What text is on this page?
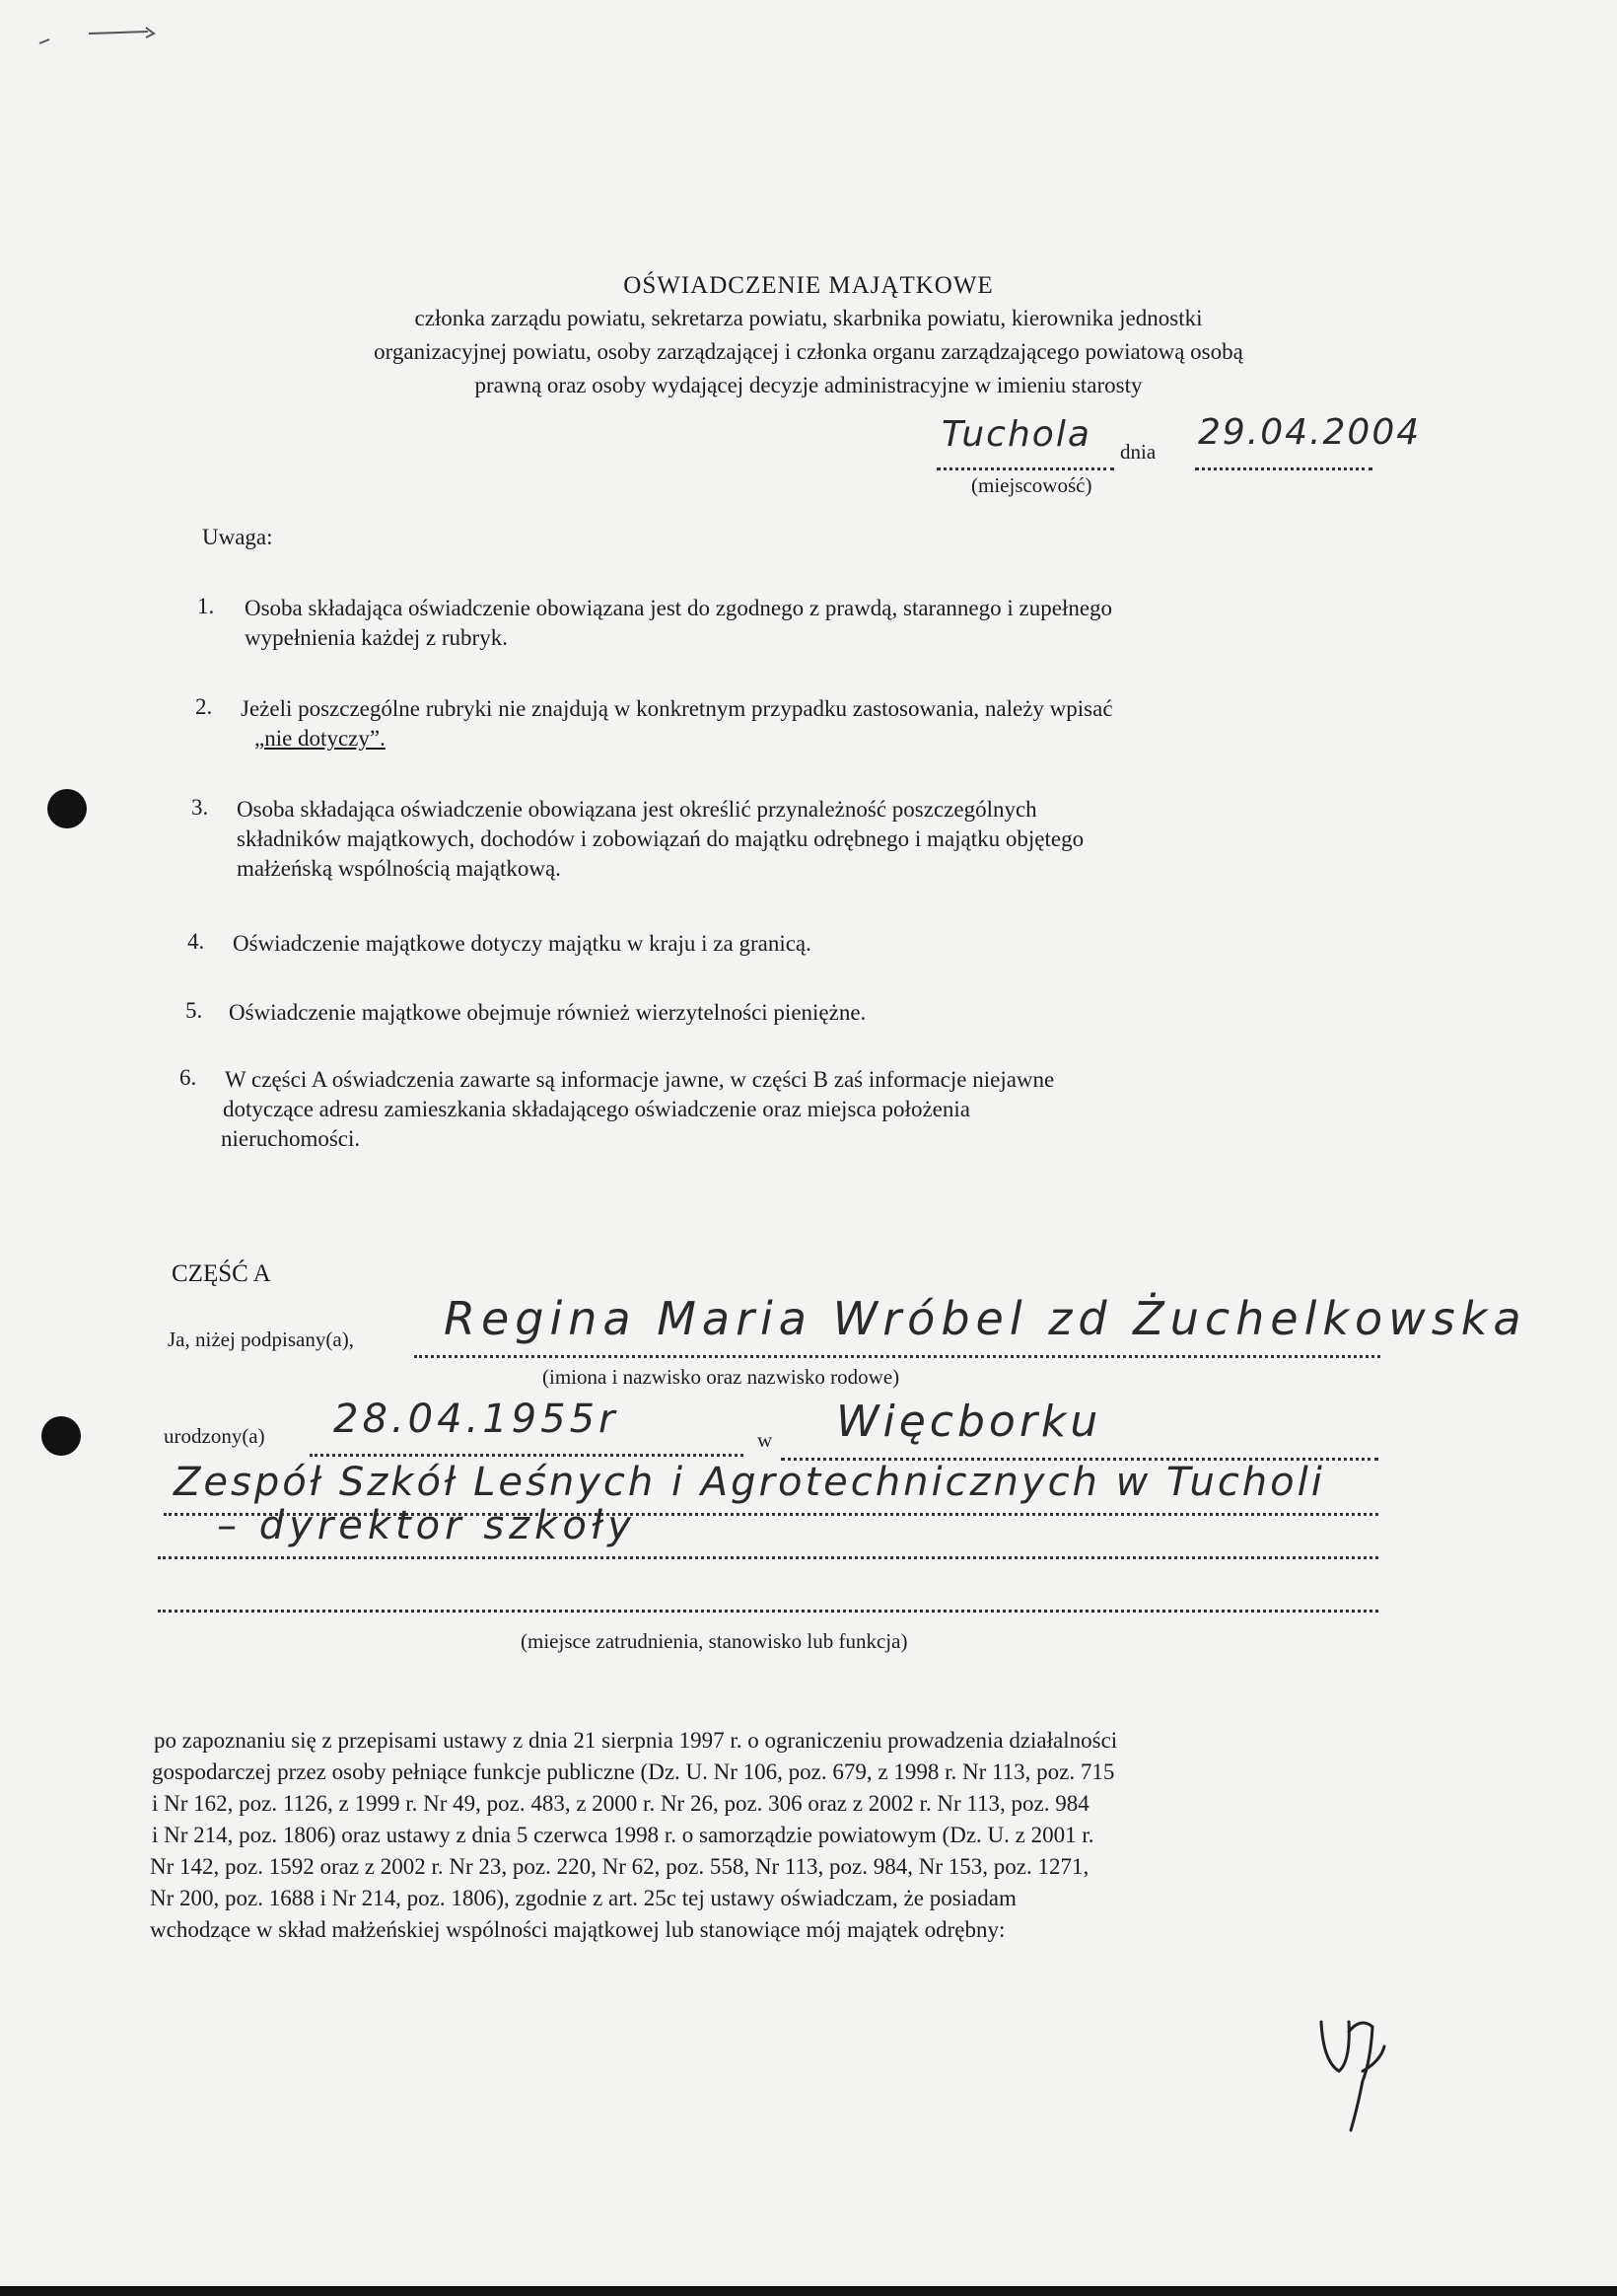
OŚWIADCZENIE MAJĄTKOWE
członka zarządu powiatu, sekretarza powiatu, skarbnika powiatu, kierownika jednostki
organizacyjnej powiatu, osoby zarządzającej i członka organu zarządzającego powiatową osobą
prawną oraz osoby wydającej decyzje administracyjne w imieniu starosty
Tuchola dnia 29.04.2004
(miejscowość)
Uwaga:
1. Osoba składająca oświadczenie obowiązana jest do zgodnego z prawdą, starannego i zupełnego
wypełnienia każdej z rubryk.
2. Jeżeli poszczególne rubryki nie znajdują w konkretnym przypadku zastosowania, należy wpisać
„nie dotyczy”.
3. Osoba składająca oświadczenie obowiązana jest określić przynależność poszczególnych
składników majątkowych, dochodów i zobowiązań do majątku odrębnego i majątku objętego
małżeńską wspólnością majątkową.
4. Oświadczenie majątkowe dotyczy majątku w kraju i za granicą.
5. Oświadczenie majątkowe obejmuje również wierzytelności pieniężne.
6. W części A oświadczenia zawarte są informacje jawne, w części B zaś informacje niejawne
dotyczące adresu zamieszkania składającego oświadczenie oraz miejsca położenia
nieruchomości.
CZĘŚĆ A
Ja, niżej podpisany(a), Regina Maria Wróbel zd Żuchelkowska
(imiona i nazwisko oraz nazwisko rodowe)
urodzony(a) 28.04.1955r	w Więcborku
Zespół Szkół Leśnych i Agrotechnicznych w Tucholi
– dyrektor szkoły
(miejsce zatrudnienia, stanowisko lub funkcja)
po zapoznaniu się z przepisami ustawy z dnia 21 sierpnia 1997 r. o ograniczeniu prowadzenia działalności
gospodarczej przez osoby pełniące funkcje publiczne (Dz. U. Nr 106, poz. 679, z 1998 r. Nr 113, poz. 715
i Nr 162, poz. 1126, z 1999 r. Nr 49, poz. 483, z 2000 r. Nr 26, poz. 306 oraz z 2002 r. Nr 113, poz. 984
i Nr 214, poz. 1806) oraz ustawy z dnia 5 czerwca 1998 r. o samorządzie powiatowym (Dz. U. z 2001 r.
Nr 142, poz. 1592 oraz z 2002 r. Nr 23, poz. 220, Nr 62, poz. 558, Nr 113, poz. 984, Nr 153, poz. 1271,
Nr 200, poz. 1688 i Nr 214, poz. 1806), zgodnie z art. 25c tej ustawy oświadczam, że posiadam
wchodzące w skład małżeńskiej wspólności majątkowej lub stanowiące mój majątek odrębny:
